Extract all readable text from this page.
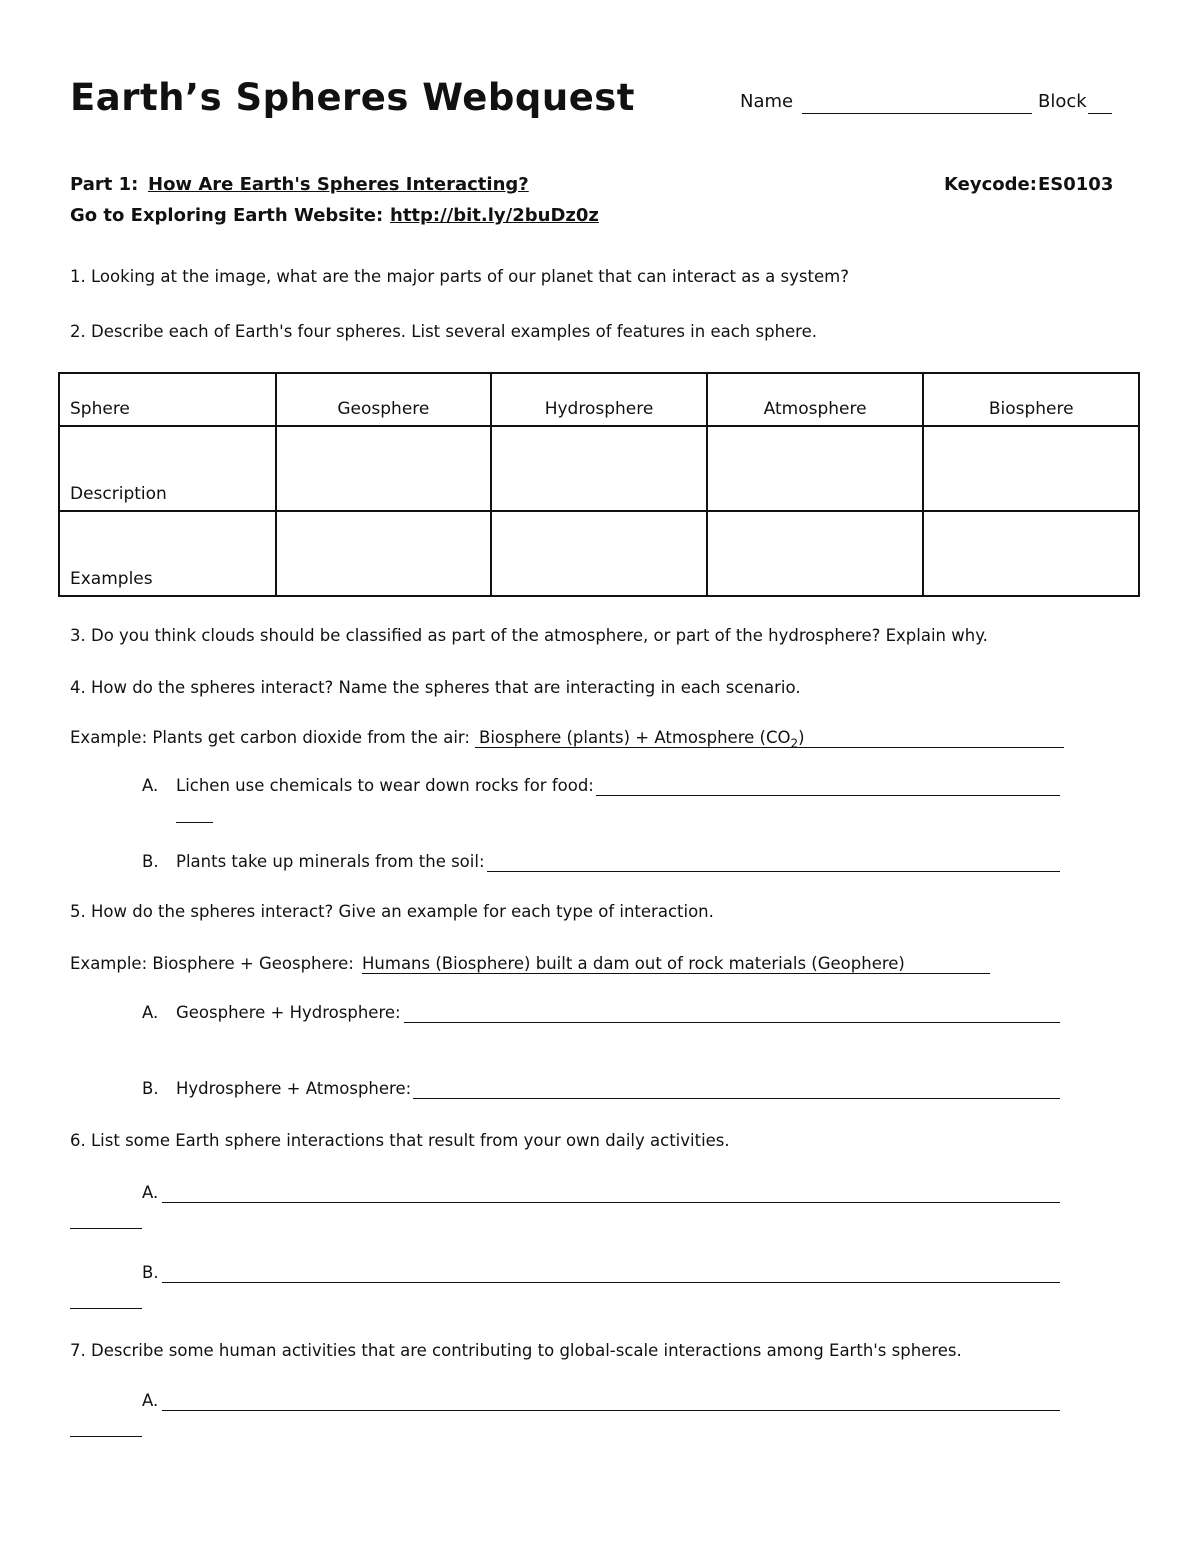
Earth’s Spheres Webquest	Name	Block
Part 1: How Are Earth's Spheres Interacting?	Keycode: ES0103
Go to Exploring Earth Website: http://bit.ly/2buDz0z
1. Looking at the image, what are the major parts of our planet that can interact as a system?
2. Describe each of Earth's four spheres. List several examples of features in each sphere.
Sphere	Geosphere	Hydrosphere	Atmosphere	Biosphere
Description				
Examples				
3. Do you think clouds should be classified as part of the atmosphere, or part of the hydrosphere? Explain why.
4. How do the spheres interact? Name the spheres that are interacting in each scenario.
Example: Plants get carbon dioxide from the air: Biosphere (plants) + Atmosphere $(CO_2)$
A. Lichen use chemicals to wear down rocks for food:
B. Plants take up minerals from the soil:
5. How do the spheres interact? Give an example for each type of interaction.
Example: Biosphere + Geosphere: Humans (Biosphere) built a dam out of rock materials (Geophere)
A. Geosphere + Hydrosphere:
B. Hydrosphere + Atmosphere:
6. List some Earth sphere interactions that result from your own daily activities.
A.
B.
7. Describe some human activities that are contributing to global-scale interactions among Earth's spheres.
A.
